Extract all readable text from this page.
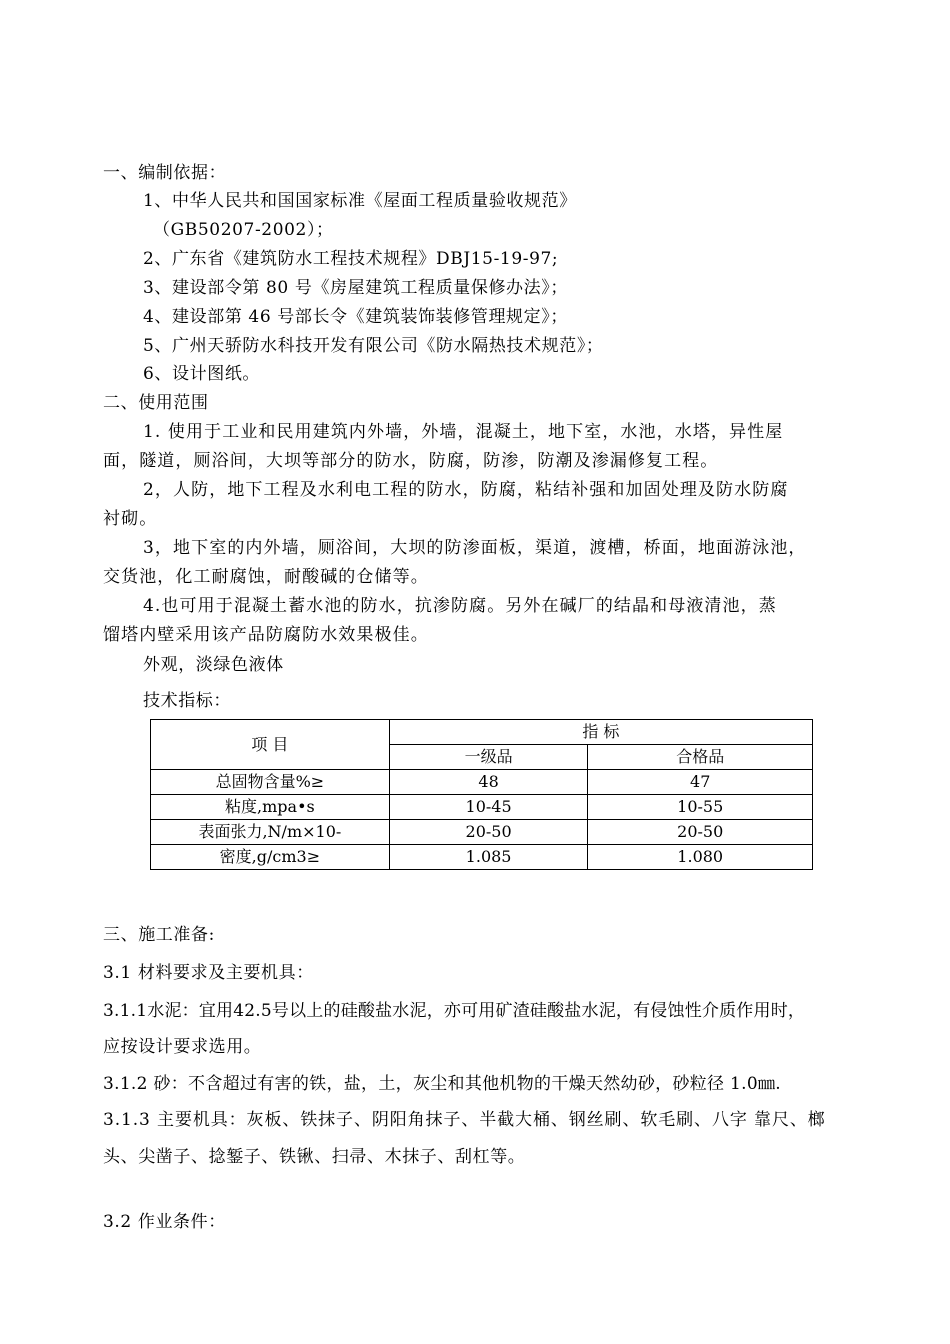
一、编制依据：
1、中华人民共和国国家标准《屋面工程质量验收规范》
（GB50207-2002）；
2、广东省《建筑防水工程技术规程》DBJ15-19-97;
3、建设部令第 80 号《房屋建筑工程质量保修办法》；
4、建设部第 46 号部长令《建筑装饰装修管理规定》；
5、广州天骄防水科技开发有限公司《防水隔热技术规范》；
6、设计图纸。
二、使用范围
1. 使用于工业和民用建筑内外墙，外墙，混凝土，地下室，水池，水塔，异性屋
面，隧道，厕浴间，大坝等部分的防水，防腐，防渗，防潮及渗漏修复工程。
2，人防，地下工程及水利电工程的防水，防腐，粘结补强和加固处理及防水防腐
衬砌。
3，地下室的内外墙，厕浴间，大坝的防渗面板，渠道，渡槽，桥面，地面游泳池，
交货池，化工耐腐蚀，耐酸碱的仓储等。
4.也可用于混凝土蓄水池的防水，抗渗防腐。另外在碱厂的结晶和母液清池，蒸
馏塔内壁采用该产品防腐防水效果极佳。
外观，淡绿色液体
技术指标：
项 目	指 标	
	一级品	合格品
总固物含量%≥	48	47
粘度,mpa•s	10-45	10-55
表面张力,N/m×10-	20-50	20-50
密度,g/cm3≥	1.085	1.080
三、施工准备:
3.1 材料要求及主要机具：
3.1.1水泥：宜用42.5号以上的硅酸盐水泥，亦可用矿渣硅酸盐水泥，有侵蚀性介质作用时，
应按设计要求选用。
3.1.2 砂：不含超过有害的铁，盐，土，灰尘和其他机物的干燥天然幼砂，砂粒径 1.0㎜.
3.1.3 主要机具：灰板、铁抹子、阴阳角抹子、半截大桶、钢丝刷、软毛刷、八字 靠尺、榔
头、尖凿子、捻錾子、铁锹、扫帚、木抹子、刮杠等。
3.2 作业条件：
